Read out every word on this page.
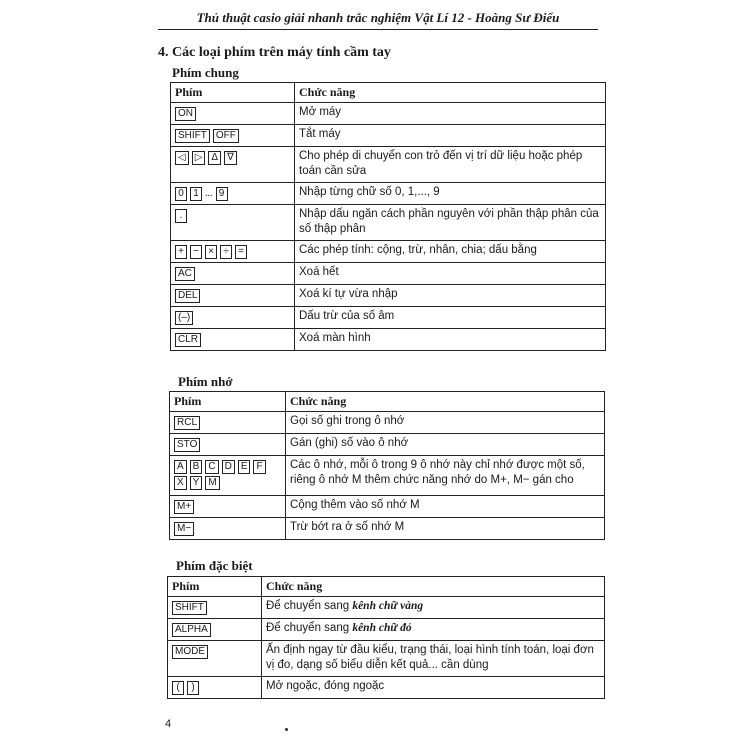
Thủ thuật casio giải nhanh trắc nghiệm Vật Lí 12 - Hoàng Sư Điểu
4. Các loại phím trên máy tính cầm tay
Phím chung
Phím	Chức năng
ON	Mở máy
SHIFT OFF	Tắt máy
◁ ▷ Δ ∇	Cho phép di chuyển con trỏ đến vị trí dữ liệu hoặc phép toán cần sửa
0 1 ... 9	Nhập từng chữ số 0, 1,..., 9
.	Nhập dấu ngăn cách phần nguyên với phần thập phân của số thập phân
+ − × ÷ =	Các phép tính: cộng, trừ, nhân, chia; dấu bằng
AC	Xoá hết
DEL	Xoá kí tự vừa nhập
(–)	Dấu trừ của số âm
CLR	Xoá màn hình
Phím nhớ
Phím	Chức năng
RCL	Gọi số ghi trong ô nhớ
STO	Gán (ghi) số vào ô nhớ
A B C D E F
X Y M	Các ô nhớ, mỗi ô trong 9 ô nhớ này chỉ nhớ được một số, riêng ô nhớ M thêm chức năng nhớ do M+, M− gán cho
M+	Cộng thêm vào số nhớ M
M−	Trừ bớt ra ở số nhớ M
Phím đặc biệt
Phím	Chức năng
SHIFT	Để chuyển sang kênh chữ vàng
ALPHA	Để chuyển sang kênh chữ đỏ
MODE	Ấn định ngay từ đầu kiểu, trạng thái, loại hình tính toán, loại đơn vị đo, dạng số biểu diễn kết quả... cần dùng
( )	Mở ngoặc, đóng ngoặc
4
